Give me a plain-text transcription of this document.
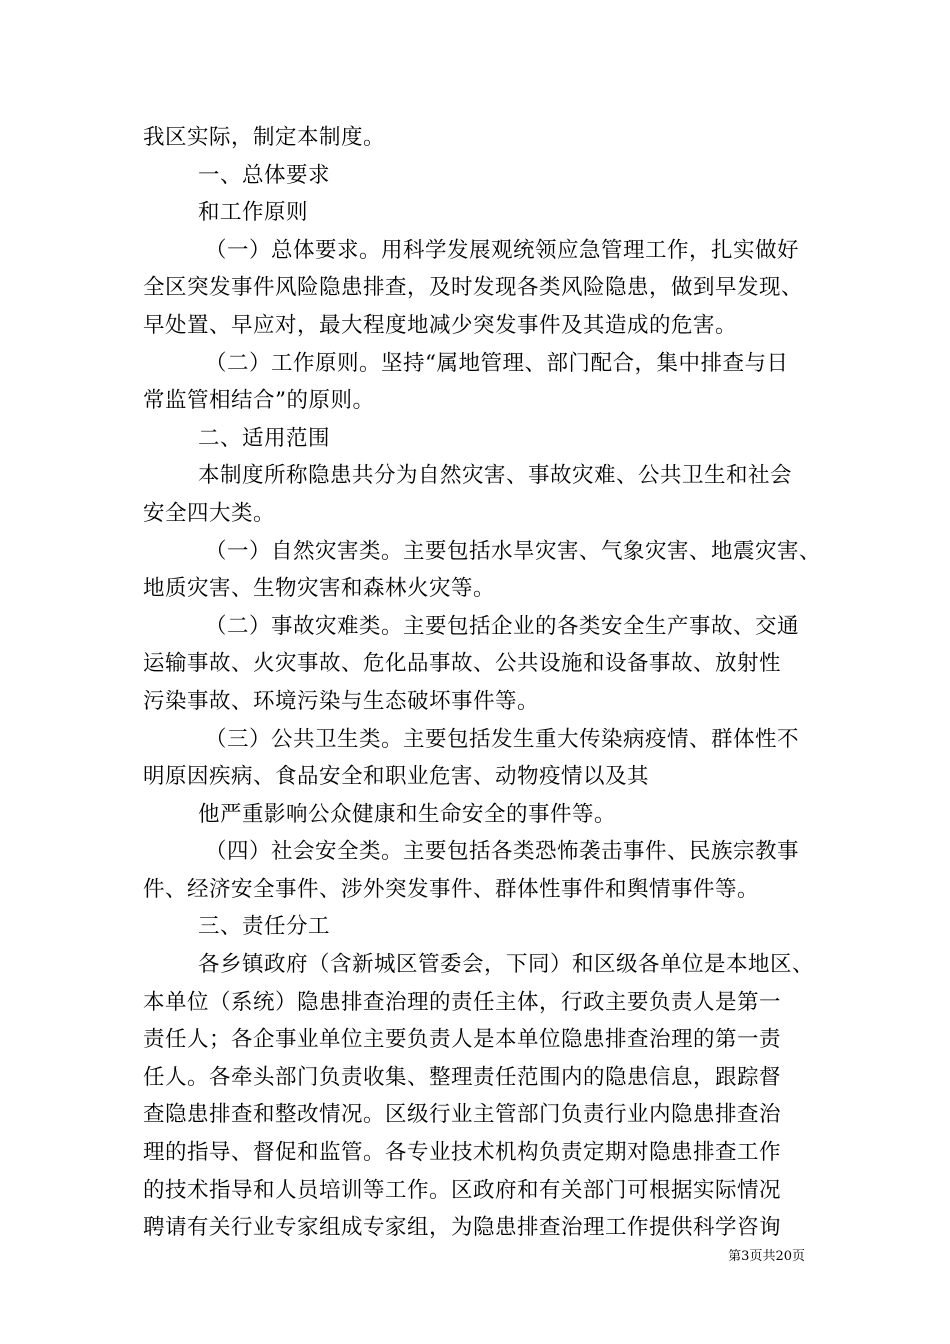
我区实际，制定本制度。
一、总体要求
和工作原则
（一）总体要求。用科学发展观统领应急管理工作，扎实做好
全区突发事件风险隐患排查，及时发现各类风险隐患，做到早发现、
早处置、早应对，最大程度地减少突发事件及其造成的危害。
（二）工作原则。坚持“属地管理、部门配合，集中排查与日
常监管相结合”的原则。
二、适用范围
本制度所称隐患共分为自然灾害、事故灾难、公共卫生和社会
安全四大类。
（一）自然灾害类。主要包括水旱灾害、气象灾害、地震灾害、
地质灾害、生物灾害和森林火灾等。
（二）事故灾难类。主要包括企业的各类安全生产事故、交通
运输事故、火灾事故、危化品事故、公共设施和设备事故、放射性
污染事故、环境污染与生态破坏事件等。
（三）公共卫生类。主要包括发生重大传染病疫情、群体性不
明原因疾病、食品安全和职业危害、动物疫情以及其
他严重影响公众健康和生命安全的事件等。
（四）社会安全类。主要包括各类恐怖袭击事件、民族宗教事
件、经济安全事件、涉外突发事件、群体性事件和舆情事件等。
三、责任分工
各乡镇政府（含新城区管委会，下同）和区级各单位是本地区、
本单位（系统）隐患排查治理的责任主体，行政主要负责人是第一
责任人；各企事业单位主要负责人是本单位隐患排查治理的第一责
任人。各牵头部门负责收集、整理责任范围内的隐患信息，跟踪督
查隐患排查和整改情况。区级行业主管部门负责行业内隐患排查治
理的指导、督促和监管。各专业技术机构负责定期对隐患排查工作
的技术指导和人员培训等工作。区政府和有关部门可根据实际情况
聘请有关行业专家组成专家组，为隐患排查治理工作提供科学咨询
第3页共20页
